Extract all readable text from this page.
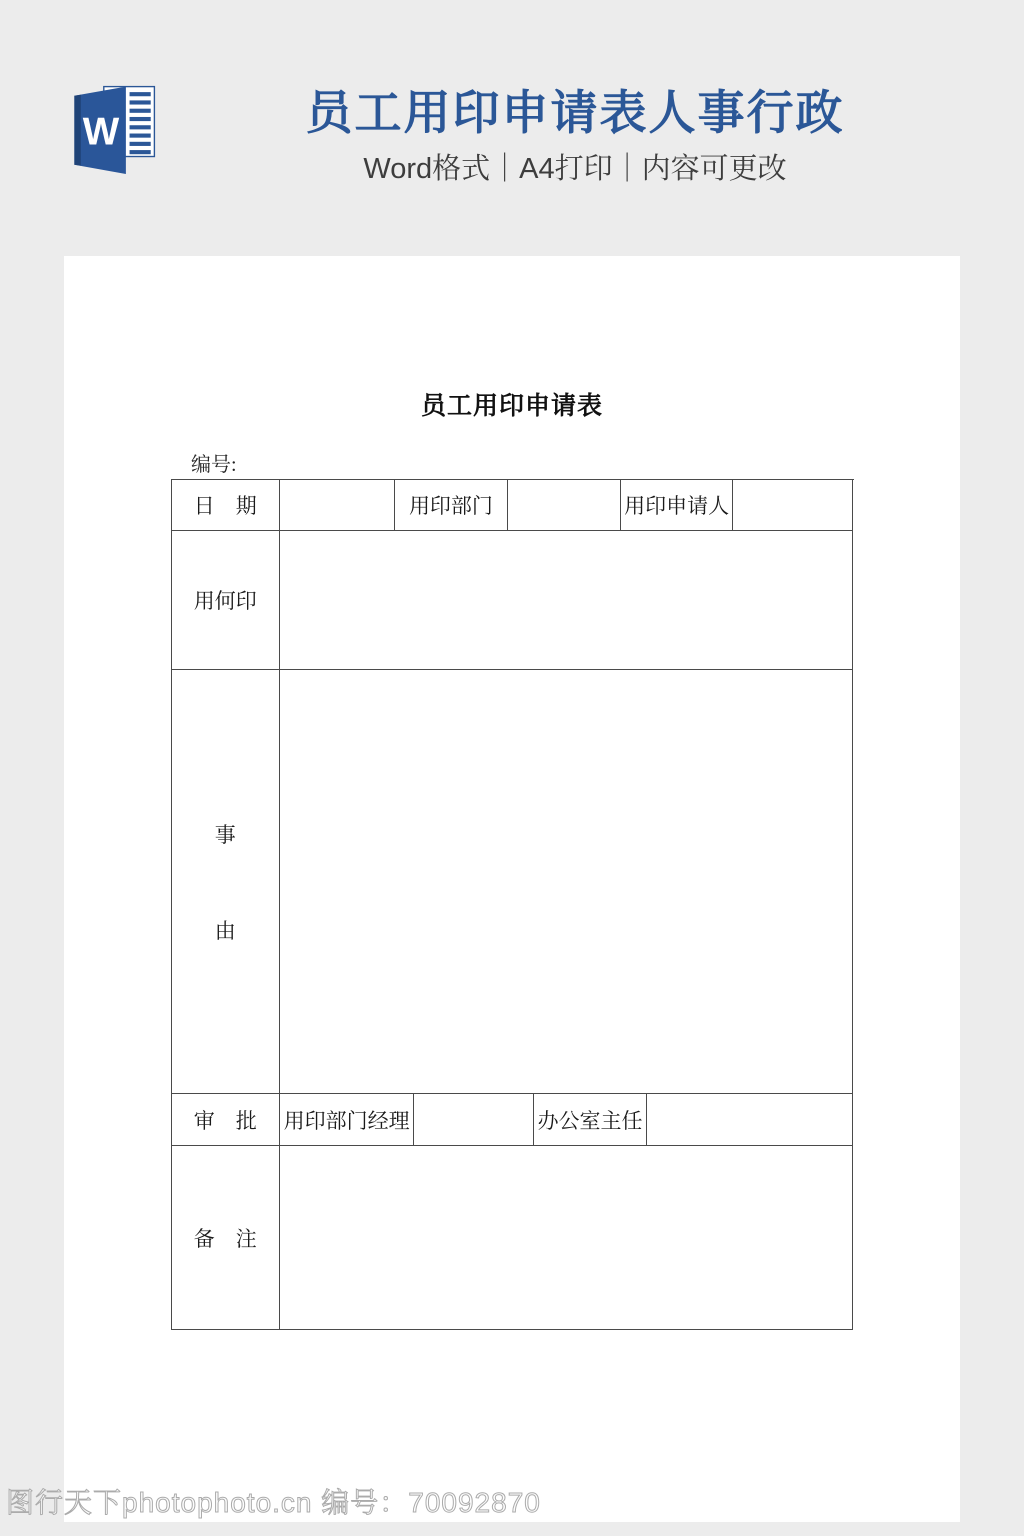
W	员工用印申请表人事行政

Word格式｜A4打印｜内容可更改

员工用印申请表
编号:
日　期	用印部门	用印申请人
用何印
事
由
审　批	用印部门经理	办公室主任
备　注
图行天下photophoto.cn 编号：70092870
